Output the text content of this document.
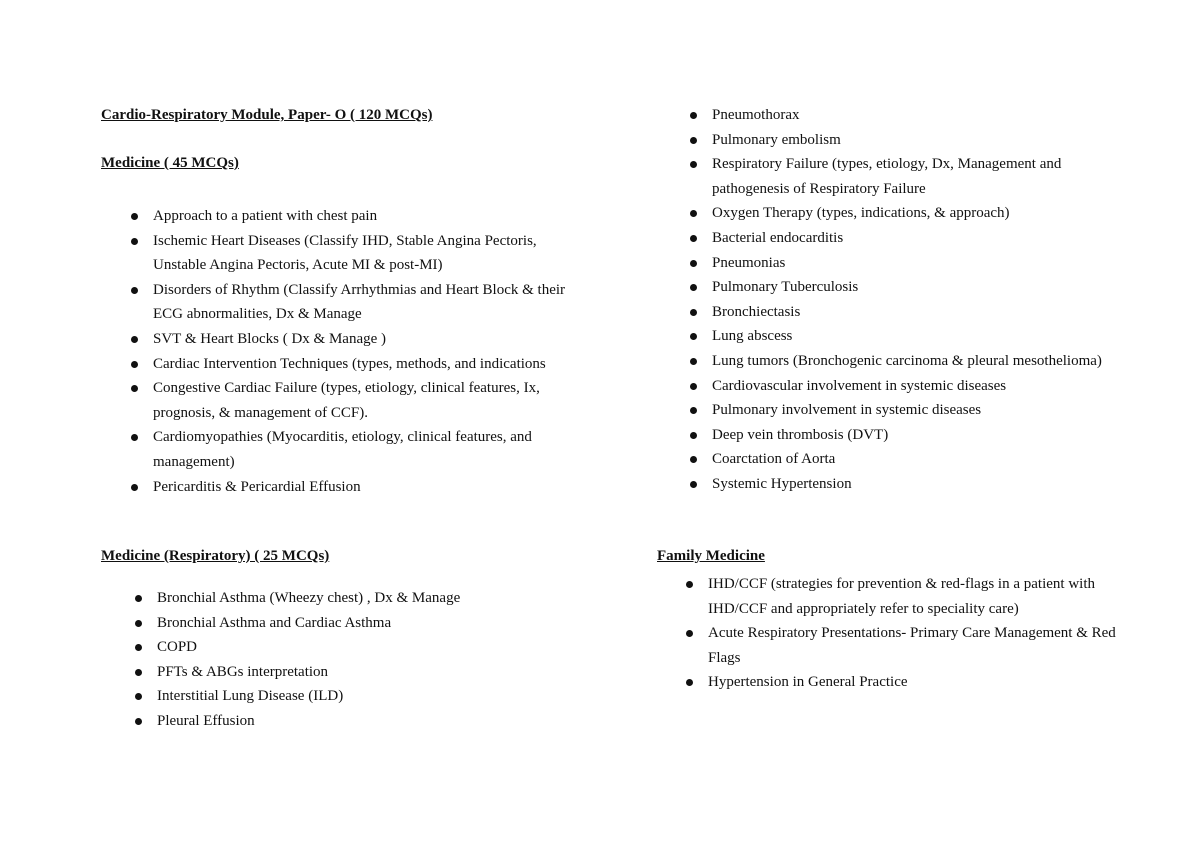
Cardio-Respiratory Module, Paper- O ( 120 MCQs)
Medicine ( 45 MCQs)
Approach to a patient with chest pain
Ischemic Heart Diseases (Classify IHD, Stable Angina Pectoris, Unstable Angina Pectoris, Acute MI & post-MI)
Disorders of Rhythm (Classify Arrhythmias and Heart Block & their ECG abnormalities, Dx & Manage
SVT & Heart Blocks ( Dx & Manage )
Cardiac Intervention Techniques (types, methods, and indications
Congestive Cardiac Failure (types, etiology, clinical features, Ix, prognosis, & management of CCF).
Cardiomyopathies (Myocarditis, etiology, clinical features, and management)
Pericarditis & Pericardial Effusion
Medicine (Respiratory) ( 25 MCQs)
Bronchial Asthma (Wheezy chest) , Dx & Manage
Bronchial Asthma and Cardiac Asthma
COPD
PFTs & ABGs interpretation
Interstitial Lung Disease (ILD)
Pleural Effusion
Pneumothorax
Pulmonary embolism
Respiratory Failure (types, etiology, Dx, Management and pathogenesis of Respiratory Failure
Oxygen Therapy (types, indications, & approach)
Bacterial endocarditis
Pneumonias
Pulmonary Tuberculosis
Bronchiectasis
Lung abscess
Lung tumors (Bronchogenic carcinoma & pleural mesothelioma)
Cardiovascular involvement in systemic diseases
Pulmonary involvement in systemic diseases
Deep vein thrombosis (DVT)
Coarctation of Aorta
Systemic Hypertension
Family Medicine
IHD/CCF (strategies for prevention & red-flags in a patient with IHD/CCF and appropriately refer to speciality care)
Acute Respiratory Presentations- Primary Care Management & Red Flags
Hypertension in General Practice
